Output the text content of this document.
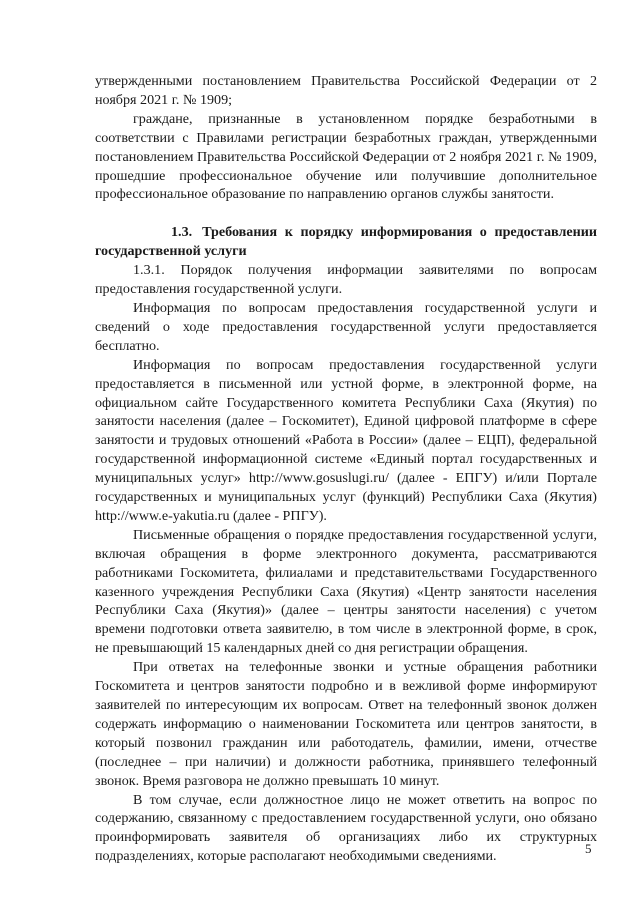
утвержденными постановлением Правительства Российской Федерации от 2 ноября 2021 г. № 1909;

граждане, признанные в установленном порядке безработными в соответствии с Правилами регистрации безработных граждан, утвержденными постановлением Правительства Российской Федерации от 2 ноября 2021 г. № 1909, прошедшие профессиональное обучение или получившие дополнительное профессиональное образование по направлению органов службы занятости.

1.3. Требования к порядку информирования о предоставлении государственной услуги

1.3.1. Порядок получения информации заявителями по вопросам предоставления государственной услуги.

Информация по вопросам предоставления государственной услуги и сведений о ходе предоставления государственной услуги предоставляется бесплатно.

Информация по вопросам предоставления государственной услуги предоставляется в письменной или устной форме, в электронной форме, на официальном сайте Государственного комитета Республики Саха (Якутия) по занятости населения (далее – Госкомитет), Единой цифровой платформе в сфере занятости и трудовых отношений «Работа в России» (далее – ЕЦП), федеральной государственной информационной системе «Единый портал государственных и муниципальных услуг» http://www.gosuslugi.ru/ (далее - ЕПГУ) и/или Портале государственных и муниципальных услуг (функций) Республики Саха (Якутия) http://www.e-yakutia.ru (далее - РПГУ).

Письменные обращения о порядке предоставления государственной услуги, включая обращения в форме электронного документа, рассматриваются работниками Госкомитета, филиалами и представительствами Государственного казенного учреждения Республики Саха (Якутия) «Центр занятости населения Республики Саха (Якутия)» (далее – центры занятости населения) с учетом времени подготовки ответа заявителю, в том числе в электронной форме, в срок, не превышающий 15 календарных дней со дня регистрации обращения.

При ответах на телефонные звонки и устные обращения работники Госкомитета и центров занятости подробно и в вежливой форме информируют заявителей по интересующим их вопросам. Ответ на телефонный звонок должен содержать информацию о наименовании Госкомитета или центров занятости, в который позвонил гражданин или работодатель, фамилии, имени, отчестве (последнее – при наличии) и должности работника, принявшего телефонный звонок. Время разговора не должно превышать 10 минут.

В том случае, если должностное лицо не может ответить на вопрос по содержанию, связанному с предоставлением государственной услуги, оно обязано проинформировать заявителя об организациях либо их структурных подразделениях, которые располагают необходимыми сведениями.	5
